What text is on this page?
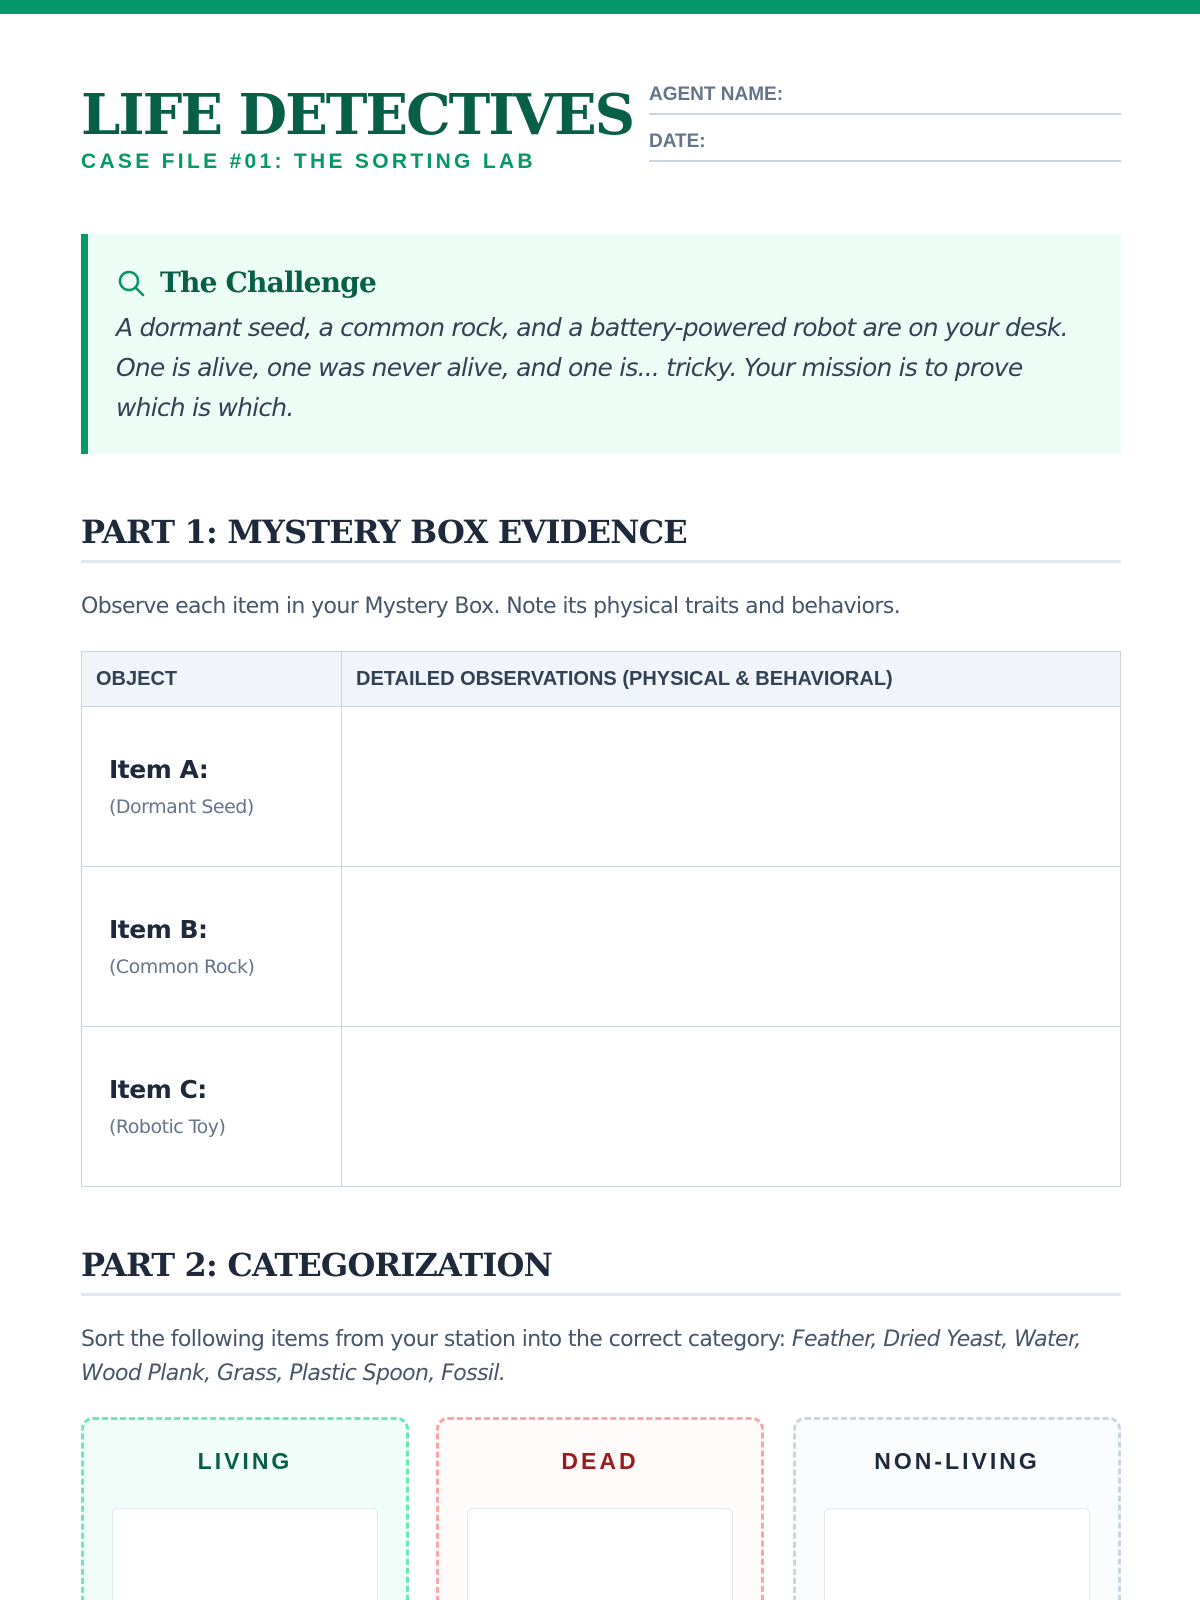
LIFE DETECTIVES
CASE FILE #01: THE SORTING LAB
AGENT NAME:
DATE:
The Challenge
A dormant seed, a common rock, and a battery-powered robot are on your desk. One is alive, one was never alive, and one is... tricky. Your mission is to prove which is which.
PART 1: MYSTERY BOX EVIDENCE
Observe each item in your Mystery Box. Note its physical traits and behaviors.
OBJECT	DETAILED OBSERVATIONS (PHYSICAL & BEHAVIORAL)

Item A:
(Dormant Seed)	

Item B:
(Common Rock)	

Item C:
(Robotic Toy)	

PART 2: CATEGORIZATION
Sort the following items from your station into the correct category: Feather, Dried Yeast, Water, Wood Plank, Grass, Plastic Spoon, Fossil.
LIVING	DEAD	NON-LIVING
